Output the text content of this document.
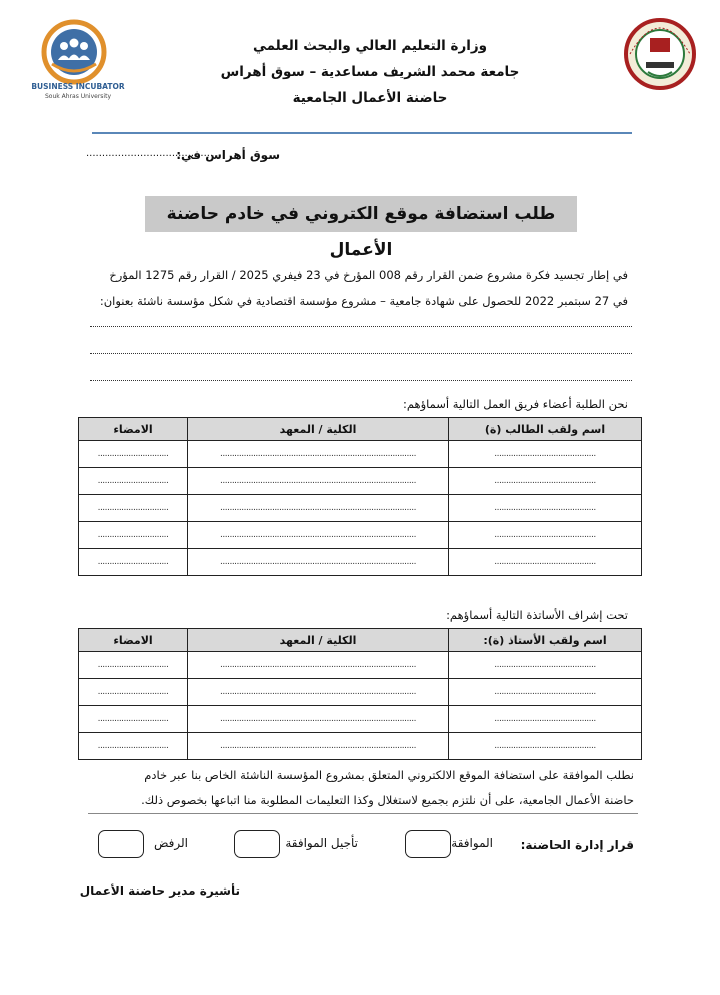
BUSINESS INCUBATOR
Souk Ahras University
وزارة التعليم العالي والبحث العلمي
جامعة محمد الشريف مساعدية – سوق أهراس
حاضنة الأعمال الجامعية
سوق أهراس في:
........................................
طلب استضافة موقع الكتروني في خادم حاضنة الأعمال
في إطار تجسيد فكرة مشروع ضمن القرار رقم 008 المؤرخ في 23 فيفري 2025 / القرار رقم 1275 المؤرخ
في 27 سبتمبر 2022 للحصول على شهادة جامعية – مشروع مؤسسة اقتصادية في شكل مؤسسة ناشئة بعنوان:
نحن الطلبة أعضاء فريق العمل التالية أسماؤهم:
اسم ولقب الطالب (ة)	الكلية / المعهد	الامضاء
...........................................	...................................................................................	..............................
...........................................	...................................................................................	..............................
...........................................	...................................................................................	..............................
...........................................	...................................................................................	..............................
...........................................	...................................................................................	..............................
تحت إشراف الأساتذة التالية أسماؤهم:
اسم ولقب الأستاذ (ة):	الكلية / المعهد	الامضاء
...........................................	...................................................................................	..............................
...........................................	...................................................................................	..............................
...........................................	...................................................................................	..............................
...........................................	...................................................................................	..............................
نطلب الموافقة على استضافة الموقع الالكتروني المتعلق بمشروع المؤسسة الناشئة الخاص بنا عبر خادم
حاضنة الأعمال الجامعية، على أن نلتزم بجميع لاستغلال وكذا التعليمات المطلوبة منا اتباعها بخصوص ذلك.
قرار إدارة الحاضنة:
الموافقة
تأجيل الموافقة
الرفض
تأشيرة مدير حاضنة الأعمال
